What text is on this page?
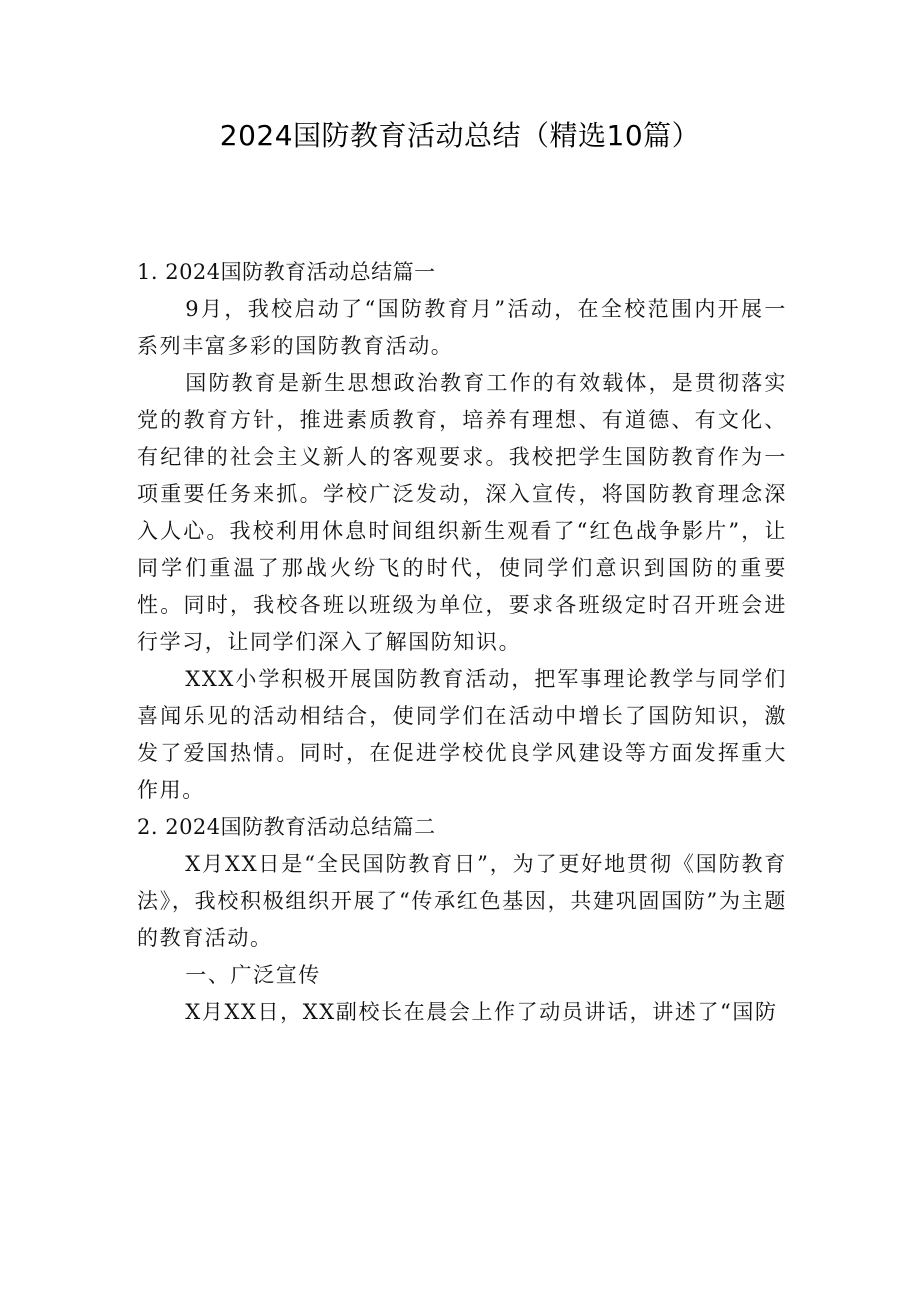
2024国防教育活动总结（精选10篇）
1. 2024国防教育活动总结篇一

9月，我校启动了“国防教育月”活动，在全校范围内开展一系列丰富多彩的国防教育活动。

国防教育是新生思想政治教育工作的有效载体，是贯彻落实党的教育方针，推进素质教育，培养有理想、有道德、有文化、有纪律的社会主义新人的客观要求。我校把学生国防教育作为一项重要任务来抓。学校广泛发动，深入宣传，将国防教育理念深入人心。我校利用休息时间组织新生观看了“红色战争影片”，让同学们重温了那战火纷飞的时代，使同学们意识到国防的重要性。同时，我校各班以班级为单位，要求各班级定时召开班会进行学习，让同学们深入了解国防知识。

XXX小学积极开展国防教育活动，把军事理论教学与同学们喜闻乐见的活动相结合，使同学们在活动中增长了国防知识，激发了爱国热情。同时，在促进学校优良学风建设等方面发挥重大作用。

2. 2024国防教育活动总结篇二

X月XX日是“全民国防教育日”，为了更好地贯彻《国防教育法》，我校积极组织开展了“传承红色基因，共建巩固国防”为主题的教育活动。

一、广泛宣传

X月XX日，XX副校长在晨会上作了动员讲话，讲述了“国防
